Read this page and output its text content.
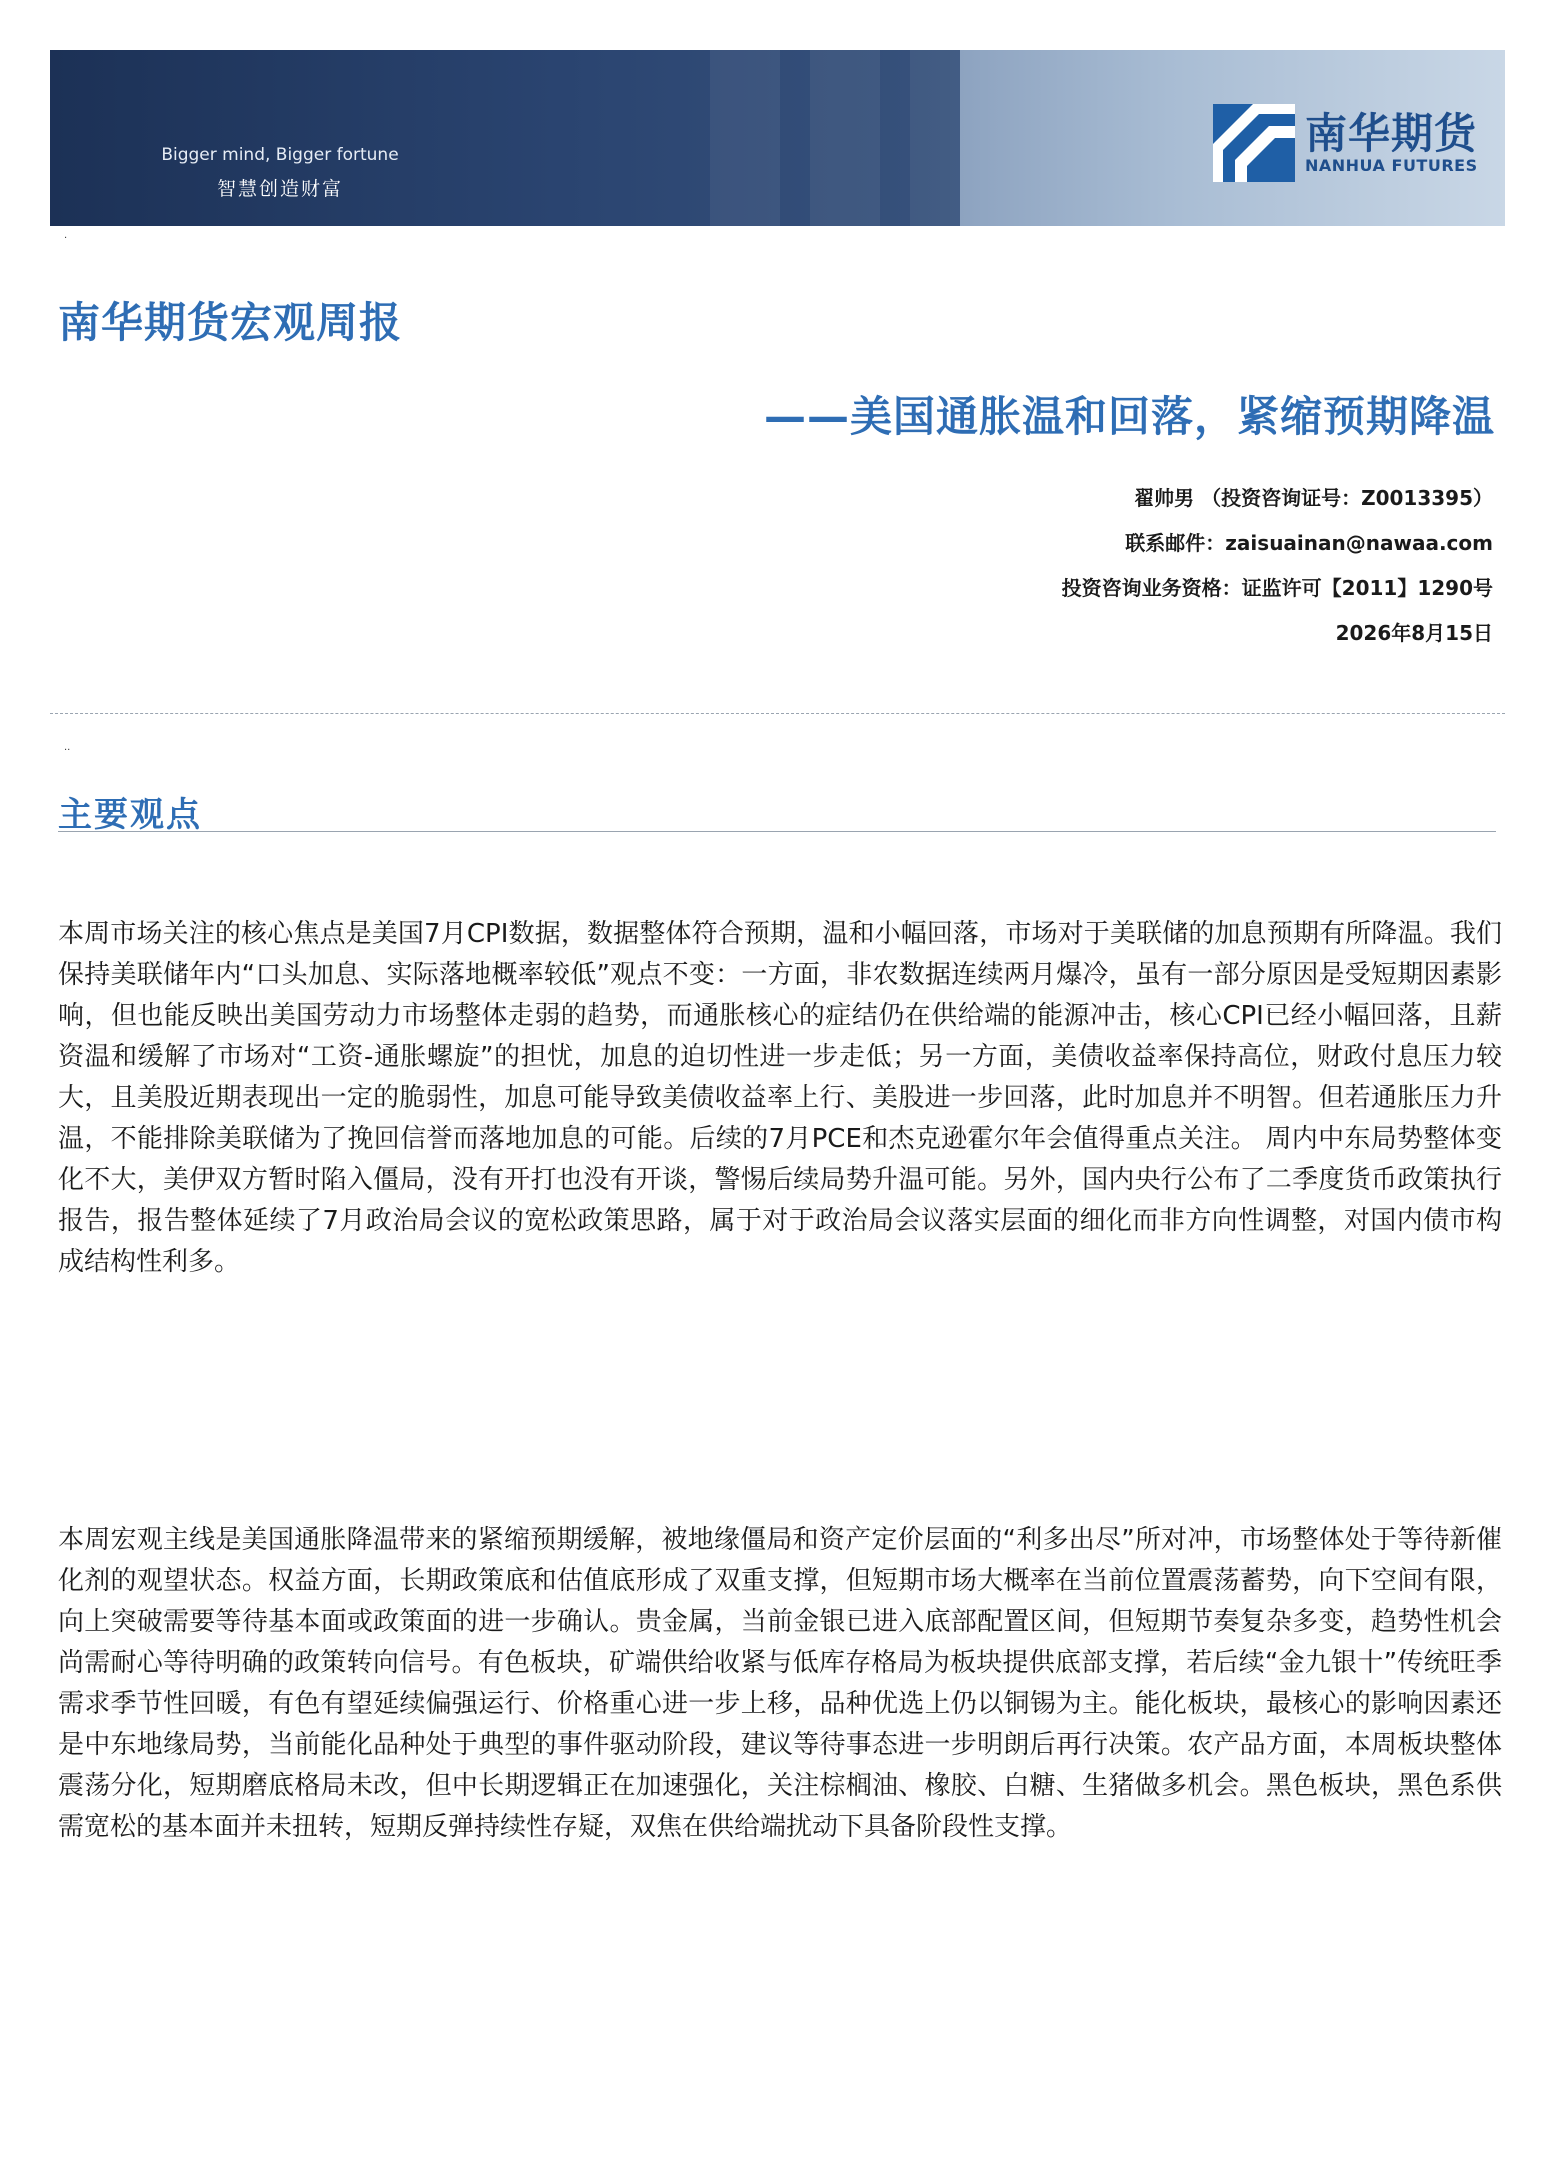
Bigger mind, Bigger fortune
智慧创造财富
南华期货
NANHUA FUTURES
.
南华期货宏观周报
——美国通胀温和回落，紧缩预期降温
翟帅男 （投资咨询证号：Z0013395）
联系邮件：zaisuainan@nawaa.com
投资咨询业务资格：证监许可【2011】1290号
2026年8月15日
..
主要观点

本周市场关注的核心焦点是美国7月CPI数据，数据整体符合预期，温和小幅回落，市场对于美联储的加息预期有所降温。我们保持美联储年内“口头加息、实际落地概率较低”观点不变：一方面，非农数据连续两月爆冷，虽有一部分原因是受短期因素影响，但也能反映出美国劳动力市场整体走弱的趋势，而通胀核心的症结仍在供给端的能源冲击，核心CPI已经小幅回落，且薪资温和缓解了市场对“工资-通胀螺旋”的担忧，加息的迫切性进一步走低；另一方面，美债收益率保持高位，财政付息压力较大，且美股近期表现出一定的脆弱性，加息可能导致美债收益率上行、美股进一步回落，此时加息并不明智。但若通胀压力升温，不能排除美联储为了挽回信誉而落地加息的可能。后续的7月PCE和杰克逊霍尔年会值得重点关注。 周内中东局势整体变化不大，美伊双方暂时陷入僵局，没有开打也没有开谈，警惕后续局势升温可能。另外，国内央行公布了二季度货币政策执行报告，报告整体延续了7月政治局会议的宽松政策思路，属于对于政治局会议落实层面的细化而非方向性调整，对国内债市构成结构性利多。

本周宏观主线是美国通胀降温带来的紧缩预期缓解，被地缘僵局和资产定价层面的“利多出尽”所对冲，市场整体处于等待新催化剂的观望状态。权益方面，长期政策底和估值底形成了双重支撑，但短期市场大概率在当前位置震荡蓄势，向下空间有限，向上突破需要等待基本面或政策面的进一步确认。贵金属，当前金银已进入底部配置区间，但短期节奏复杂多变，趋势性机会尚需耐心等待明确的政策转向信号。有色板块，矿端供给收紧与低库存格局为板块提供底部支撑，若后续“金九银十”传统旺季需求季节性回暖，有色有望延续偏强运行、价格重心进一步上移，品种优选上仍以铜锡为主。能化板块，最核心的影响因素还是中东地缘局势，当前能化品种处于典型的事件驱动阶段，建议等待事态进一步明朗后再行决策。农产品方面，本周板块整体震荡分化，短期磨底格局未改，但中长期逻辑正在加速强化，关注棕榈油、橡胶、白糖、生猪做多机会。黑色板块，黑色系供需宽松的基本面并未扭转，短期反弹持续性存疑，双焦在供给端扰动下具备阶段性支撑。
